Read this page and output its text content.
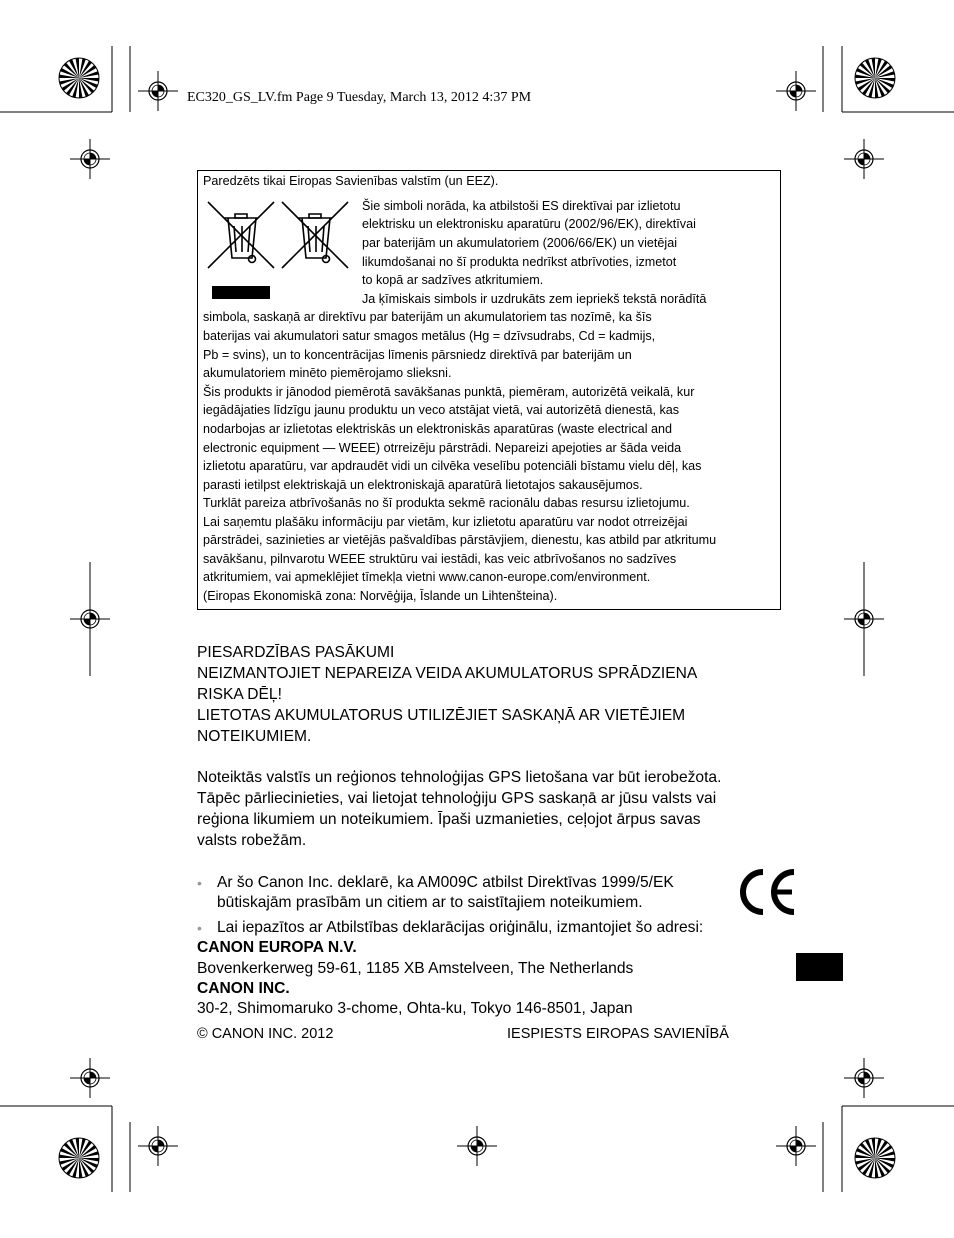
EC320_GS_LV.fm Page 9 Tuesday, March 13, 2012 4:37 PM
Paredzēts tikai Eiropas Savienības valstīm (un EEZ).
Šie simboli norāda, ka atbilstoši ES direktīvai par izlietotu
elektrisku un elektronisku aparatūru (2002/96/EK), direktīvai
par baterijām un akumulatoriem (2006/66/EK) un vietējai
likumdošanai no šī produkta nedrīkst atbrīvoties, izmetot
to kopā ar sadzīves atkritumiem.
Ja ķīmiskais simbols ir uzdrukāts zem iepriekš tekstā norādītā
simbola, saskaņā ar direktīvu par baterijām un akumulatoriem tas nozīmē, ka šīs
baterijas vai akumulatori satur smagos metālus (Hg = dzīvsudrabs, Cd = kadmijs,
Pb = svins), un to koncentrācijas līmenis pārsniedz direktīvā par baterijām un
akumulatoriem minēto piemērojamo slieksni.
Šis produkts ir jānodod piemērotā savākšanas punktā, piemēram, autorizētā veikalā, kur
iegādājaties līdzīgu jaunu produktu un veco atstājat vietā, vai autorizētā dienestā, kas
nodarbojas ar izlietotas elektriskās un elektroniskās aparatūras (waste electrical and
electronic equipment — WEEE) otrreizēju pārstrādi. Nepareizi apejoties ar šāda veida
izlietotu aparatūru, var apdraudēt vidi un cilvēka veselību potenciāli bīstamu vielu dēļ, kas
parasti ietilpst elektriskajā un elektroniskajā aparatūrā lietotajos sakausējumos.
Turklāt pareiza atbrīvošanās no šī produkta sekmē racionālu dabas resursu izlietojumu.
Lai saņemtu plašāku informāciju par vietām, kur izlietotu aparatūru var nodot otrreizējai
pārstrādei, sazinieties ar vietējās pašvaldības pārstāvjiem, dienestu, kas atbild par atkritumu
savākšanu, pilnvarotu WEEE struktūru vai iestādi, kas veic atbrīvošanos no sadzīves
atkritumiem, vai apmeklējiet tīmekļa vietni www.canon-europe.com/environment.
(Eiropas Ekonomiskā zona: Norvēģija, Īslande un Lihtenšteina).
PIESARDZĪBAS PASĀKUMI
NEIZMANTOJIET NEPAREIZA VEIDA AKUMULATORUS SPRĀDZIENA
RISKA DĒĻ!
LIETOTAS AKUMULATORUS UTILIZĒJIET SASKAŅĀ AR VIETĒJIEM
NOTEIKUMIEM.
Noteiktās valstīs un reģionos tehnoloģijas GPS lietošana var būt ierobežota.
Tāpēc pārliecinieties, vai lietojat tehnoloģiju GPS saskaņā ar jūsu valsts vai
reģiona likumiem un noteikumiem. Īpaši uzmanieties, ceļojot ārpus savas
valsts robežām.
• Ar šo Canon Inc. deklarē, ka AM009C atbilst Direktīvas 1999/5/EK
būtiskajām prasībām un citiem ar to saistītajiem noteikumiem.
• Lai iepazītos ar Atbilstības deklarācijas oriģinālu, izmantojiet šo adresi:
CANON EUROPA N.V.
Bovenkerkerweg 59-61, 1185 XB Amstelveen, The Netherlands
CANON INC.
30-2, Shimomaruko 3-chome, Ohta-ku, Tokyo 146-8501, Japan
© CANON INC. 2012	IESPIESTS EIROPAS SAVIENĪBĀ
